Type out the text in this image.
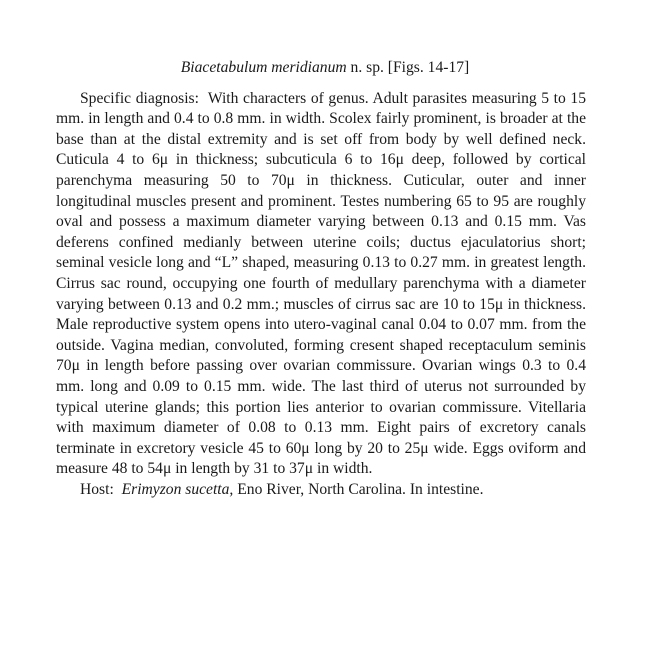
Biacetabulum meridianum n. sp. [Figs. 14-17]

Specific diagnosis: With characters of genus. Adult parasites measuring 5 to 15 mm. in length and 0.4 to 0.8 mm. in width. Scolex fairly prominent, is broader at the base than at the distal extremity and is set off from body by well defined neck. Cuticula 4 to 6μ in thickness; subcuticula 6 to 16μ deep, followed by cortical parenchyma measuring 50 to 70μ in thickness. Cuticular, outer and inner longitudinal muscles present and prominent. Testes numbering 65 to 95 are roughly oval and possess a maximum diameter varying between 0.13 and 0.15 mm. Vas deferens confined medianly between uterine coils; ductus ejaculatorius short; seminal vesicle long and “L” shaped, measuring 0.13 to 0.27 mm. in greatest length. Cirrus sac round, occupying one fourth of medullary parenchyma with a diameter varying between 0.13 and 0.2 mm.; muscles of cirrus sac are 10 to 15μ in thickness. Male reproductive system opens into utero-vaginal canal 0.04 to 0.07 mm. from the outside. Vagina median, convoluted, forming cresent shaped receptaculum seminis 70μ in length before passing over ovarian commissure. Ovarian wings 0.3 to 0.4 mm. long and 0.09 to 0.15 mm. wide. The last third of uterus not surrounded by typical uterine glands; this portion lies anterior to ovarian commissure. Vitellaria with maximum diameter of 0.08 to 0.13 mm. Eight pairs of excretory canals terminate in excretory vesicle 45 to 60μ long by 20 to 25μ wide. Eggs oviform and measure 48 to 54μ in length by 31 to 37μ in width.

Host: Erimyzon sucetta, Eno River, North Carolina. In intestine.
